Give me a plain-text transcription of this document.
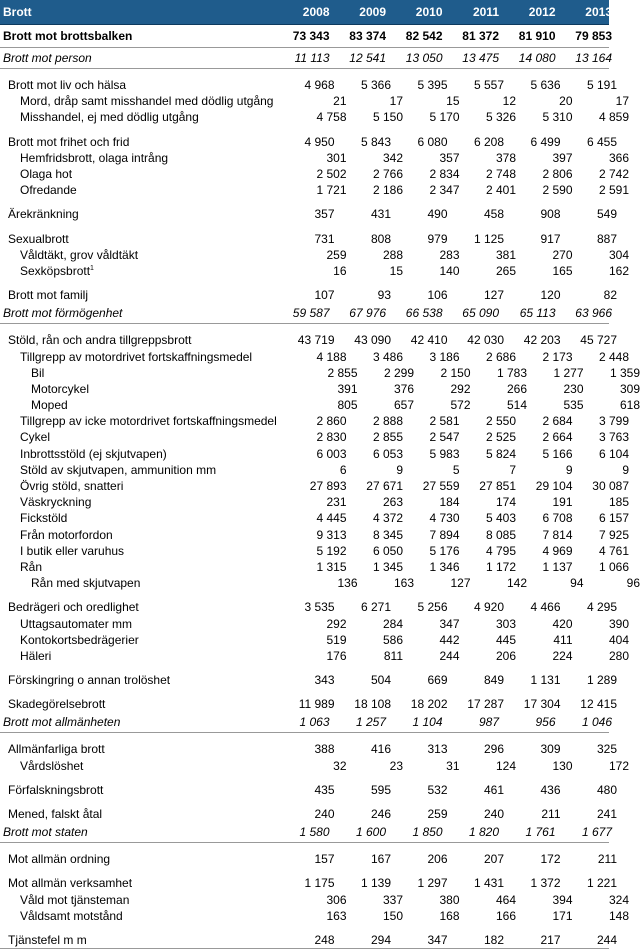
Brott	2008	2009	2010	2011	2012	2013
Brott mot brottsbalken	73 343	83 374	82 542	81 372	81 910	79 853
Brott mot person	11 113	12 541	13 050	13 475	14 080	13 164
Brott mot liv och hälsa	4 968	5 366	5 395	5 557	5 636	5 191
Mord, dråp samt misshandel med dödlig utgång	21	17	15	12	20	17
Misshandel, ej med dödlig utgång	4 758	5 150	5 170	5 326	5 310	4 859
Brott mot frihet och frid	4 950	5 843	6 080	6 208	6 499	6 455
Hemfridsbrott, olaga intrång	301	342	357	378	397	366
Olaga hot	2 502	2 766	2 834	2 748	2 806	2 742
Ofredande	1 721	2 186	2 347	2 401	2 590	2 591
Ärekränkning	357	431	490	458	908	549
Sexualbrott	731	808	979	1 125	917	887
Våldtäkt, grov våldtäkt	259	288	283	381	270	304
Sexköpsbrott$^1$	16	15	140	265	165	162
Brott mot familj	107	93	106	127	120	82
Brott mot förmögenhet	59 587	67 976	66 538	65 090	65 113	63 966
Stöld, rån och andra tillgreppsbrott	43 719	43 090	42 410	42 030	42 203	45 727
Tillgrepp av motordrivet fortskaffningsmedel	4 188	3 486	3 186	2 686	2 173	2 448
Bil	2 855	2 299	2 150	1 783	1 277	1 359
Motorcykel	391	376	292	266	230	309
Moped	805	657	572	514	535	618
Tillgrepp av icke motordrivet fortskaffningsmedel	2 860	2 888	2 581	2 550	2 684	3 799
Cykel	2 830	2 855	2 547	2 525	2 664	3 763
Inbrottsstöld (ej skjutvapen)	6 003	6 053	5 983	5 824	5 166	6 104
Stöld av skjutvapen, ammunition mm	6	9	5	7	9	9
Övrig stöld, snatteri	27 893	27 671	27 559	27 851	29 104	30 087
Väskryckning	231	263	184	174	191	185
Fickstöld	4 445	4 372	4 730	5 403	6 708	6 157
Från motorfordon	9 313	8 345	7 894	8 085	7 814	7 925
I butik eller varuhus	5 192	6 050	5 176	4 795	4 969	4 761
Rån	1 315	1 345	1 346	1 172	1 137	1 066
Rån med skjutvapen	136	163	127	142	94	96
Bedrägeri och oredlighet	3 535	6 271	5 256	4 920	4 466	4 295
Uttagsautomater mm	292	284	347	303	420	390
Kontokortsbedrägerier	519	586	442	445	411	404
Häleri	176	811	244	206	224	280
Förskingring o annan trolöshet	343	504	669	849	1 131	1 289
Skadegörelsebrott	11 989	18 108	18 202	17 287	17 304	12 415
Brott mot allmänheten	1 063	1 257	1 104	987	956	1 046
Allmänfarliga brott	388	416	313	296	309	325
Vårdslöshet	32	23	31	124	130	172
Förfalskningsbrott	435	595	532	461	436	480
Mened, falskt åtal	240	246	259	240	211	241
Brott mot staten	1 580	1 600	1 850	1 820	1 761	1 677
Mot allmän ordning	157	167	206	207	172	211
Mot allmän verksamhet	1 175	1 139	1 297	1 431	1 372	1 221
Våld mot tjänsteman	306	337	380	464	394	324
Våldsamt motstånd	163	150	168	166	171	148
Tjänstefel m m	248	294	347	182	217	244
